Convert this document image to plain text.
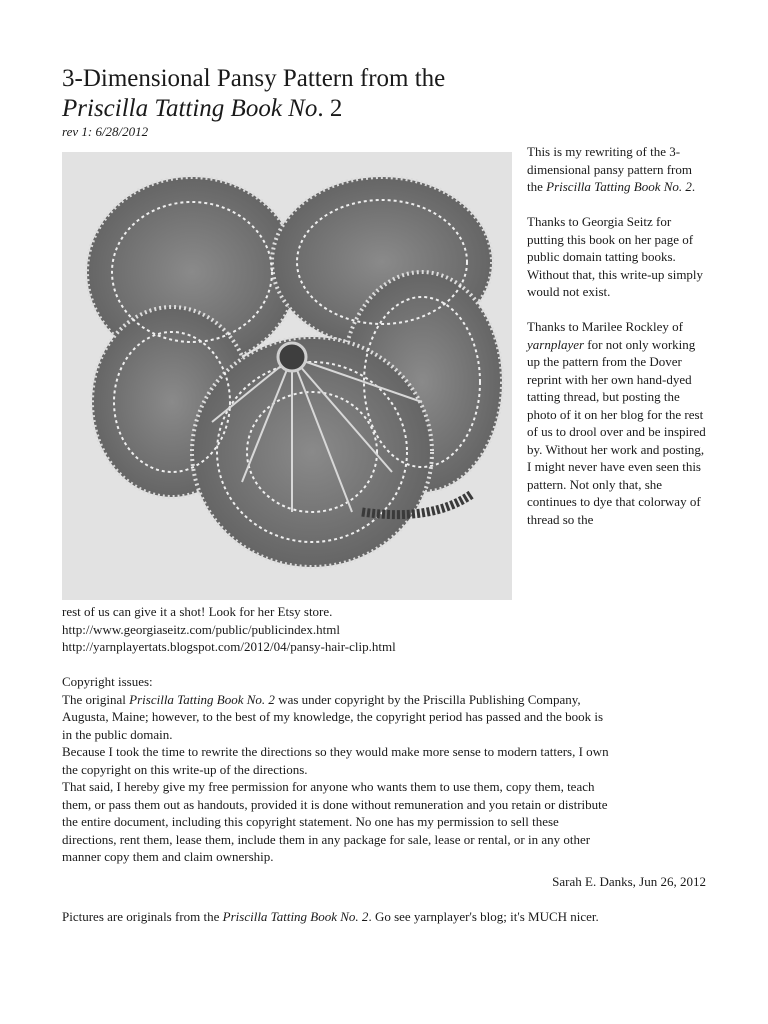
3-Dimensional Pansy Pattern from the
Priscilla Tatting Book No. 2
rev 1: 6/28/2012

This is my rewriting of the 3-dimensional pansy pattern from the Priscilla Tatting Book No. 2.

Thanks to Georgia Seitz for putting this book on her page of public domain tatting books. Without that, this write-up simply would not exist.

Thanks to Marilee Rockley of yarnplayer for not only working up the pattern from the Dover reprint with her own hand-dyed tatting thread, but posting the photo of it on her blog for the rest of us to drool over and be inspired by. Without her work and posting, I might never have even seen this pattern. Not only that, she continues to dye that colorway of thread so the

rest of us can give it a shot! Look for her Etsy store.
http://www.georgiaseitz.com/public/publicindex.html
http://yarnplayertats.blogspot.com/2012/04/pansy-hair-clip.html

Copyright issues:
The original Priscilla Tatting Book No. 2 was under copyright by the Priscilla Publishing Company,
Augusta, Maine; however, to the best of my knowledge, the copyright period has passed and the book is
in the public domain.
Because I took the time to rewrite the directions so they would make more sense to modern tatters, I own
the copyright on this write-up of the directions.
That said, I hereby give my free permission for anyone who wants them to use them, copy them, teach
them, or pass them out as handouts, provided it is done without remuneration and you retain or distribute
the entire document, including this copyright statement. No one has my permission to sell these
directions, rent them, lease them, include them in any package for sale, lease or rental, or in any other
manner copy them and claim ownership.
Sarah E. Danks, Jun 26, 2012
Pictures are originals from the Priscilla Tatting Book No. 2. Go see yarnplayer's blog; it's MUCH nicer.
